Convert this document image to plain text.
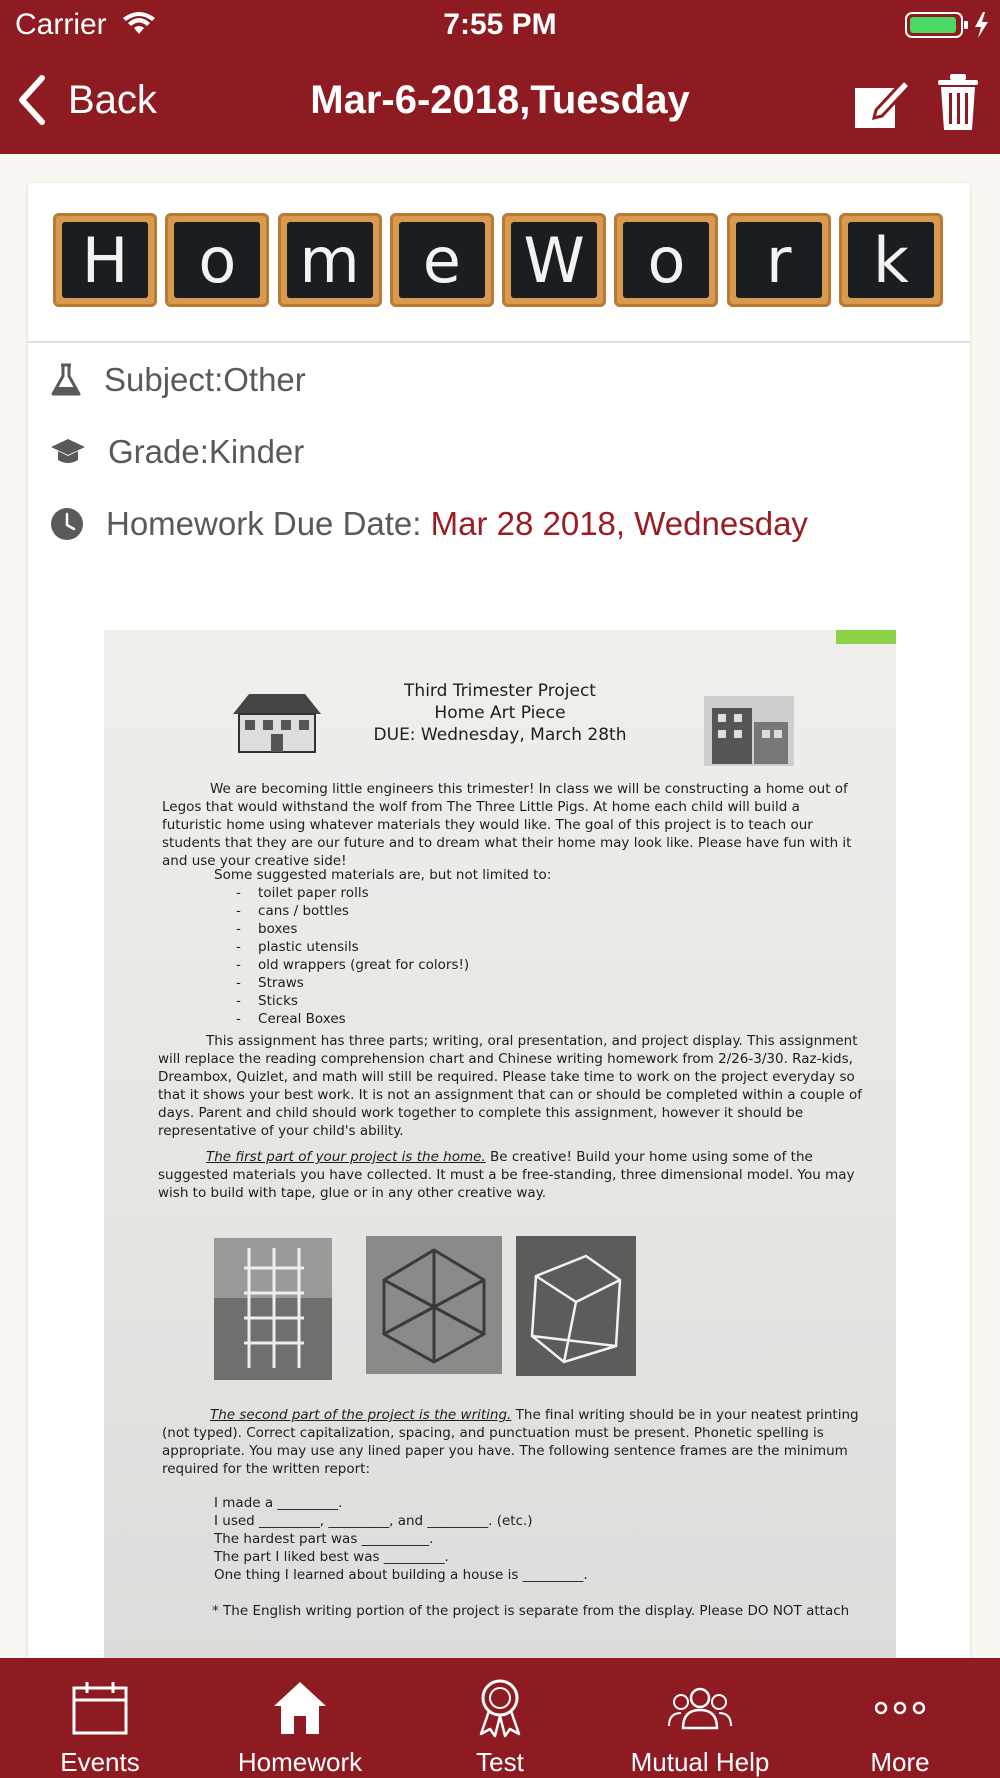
Carrier	7:55 PM
Back	Mar-6-2018,Tuesday
H	o	m	e	W	o	r	k
Subject:Other
Grade:Kinder
Homework Due Date: Mar 28 2018, Wednesday
Third Trimester Project
Home Art Piece
DUE: Wednesday, March 28th
We are becoming little engineers this trimester! In class we will be constructing a home out of Legos that would withstand the wolf from The Three Little Pigs. At home each child will build a futuristic home using whatever materials they would like. The goal of this project is to teach our students that they are our future and to dream what their home may look like. Please have fun with it and use your creative side!
Some suggested materials are, but not limited to:
-    toilet paper rolls
-    cans / bottles
-    boxes
-    plastic utensils
-    old wrappers (great for colors!)
-    Straws
-    Sticks
-    Cereal Boxes
This assignment has three parts; writing, oral presentation, and project display. This assignment will replace the reading comprehension chart and Chinese writing homework from 2/26-3/30. Raz-kids, Dreambox, Quizlet, and math will still be required. Please take time to work on the project everyday so that it shows your best work. It is not an assignment that can or should be completed within a couple of days. Parent and child should work together to complete this assignment, however it should be representative of your child's ability.
The first part of your project is the home. Be creative! Build your home using some of the suggested materials you have collected. It must a be free-standing, three dimensional model. You may wish to build with tape, glue or in any other creative way.
The second part of the project is the writing. The final writing should be in your neatest printing (not typed). Correct capitalization, spacing, and punctuation must be present. Phonetic spelling is appropriate. You may use any lined paper you have. The following sentence frames are the minimum required for the written report:
I made a _________.
I used _________, _________, and _________. (etc.)
The hardest part was __________.
The part I liked best was _________.
One thing I learned about building a house is _________.
* The English writing portion of the project is separate from the display. Please DO NOT attach
Events	Homework	Test	Mutual Help	More
